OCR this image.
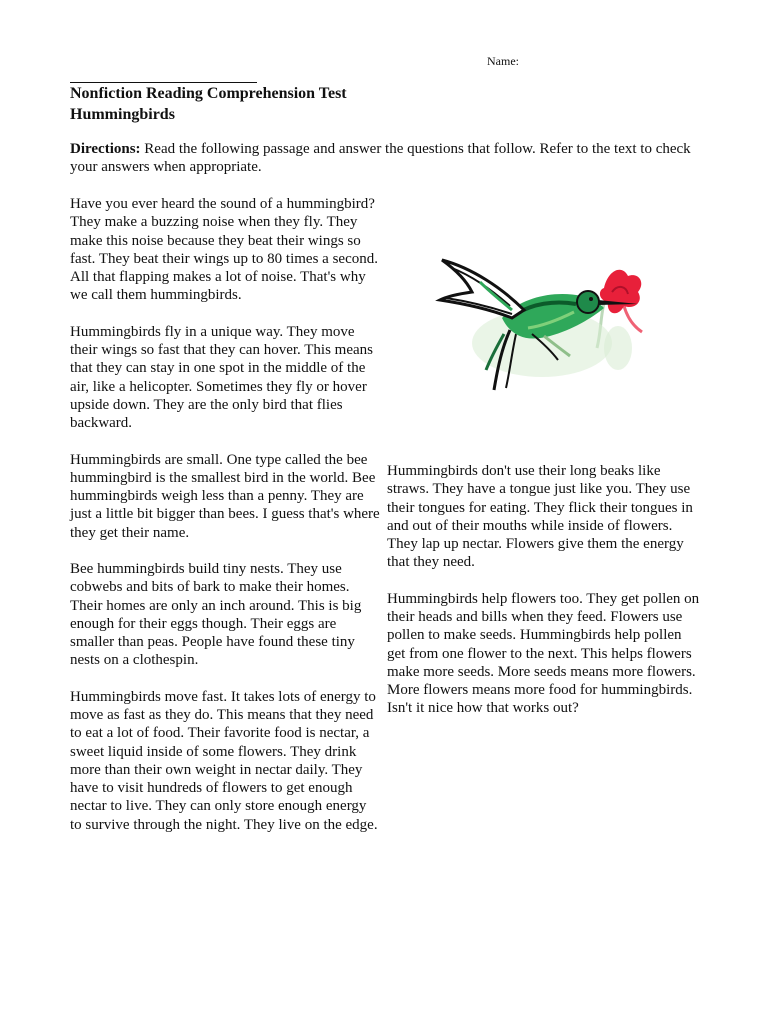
Name:
Nonfiction Reading Comprehension Test
Hummingbirds
Directions: Read the following passage and answer the questions that follow. Refer to the text to check your answers when appropriate.

Have you ever heard the sound of a hummingbird? They make a buzzing noise when they fly. They make this noise because they beat their wings so fast. They beat their wings up to 80 times a second. All that flapping makes a lot of noise. That's why we call them hummingbirds.

Hummingbirds fly in a unique way. They move their wings so fast that they can hover. This means that they can stay in one spot in the middle of the air, like a helicopter. Sometimes they fly or hover upside down. They are the only bird that flies backward.

Hummingbirds are small. One type called the bee hummingbird is the smallest bird in the world. Bee hummingbirds weigh less than a penny. They are just a little bit bigger than bees. I guess that's where they get their name.

Bee hummingbirds build tiny nests. They use cobwebs and bits of bark to make their homes. Their homes are only an inch around. This is big enough for their eggs though. Their eggs are smaller than peas. People have found these tiny nests on a clothespin.

Hummingbirds move fast. It takes lots of energy to move as fast as they do. This means that they need to eat a lot of food. Their favorite food is nectar, a sweet liquid inside of some flowers. They drink more than their own weight in nectar daily. They have to visit hundreds of flowers to get enough nectar to live. They can only store enough energy to survive through the night. They live on the edge.

Hummingbirds don't use their long beaks like straws. They have a tongue just like you. They use their tongues for eating. They flick their tongues in and out of their mouths while inside of flowers. They lap up nectar. Flowers give them the energy that they need.

Hummingbirds help flowers too. They get pollen on their heads and bills when they feed. Flowers use pollen to make seeds. Hummingbirds help pollen get from one flower to the next. This helps flowers make more seeds. More seeds means more flowers. More flowers means more food for hummingbirds. Isn't it nice how that works out?
